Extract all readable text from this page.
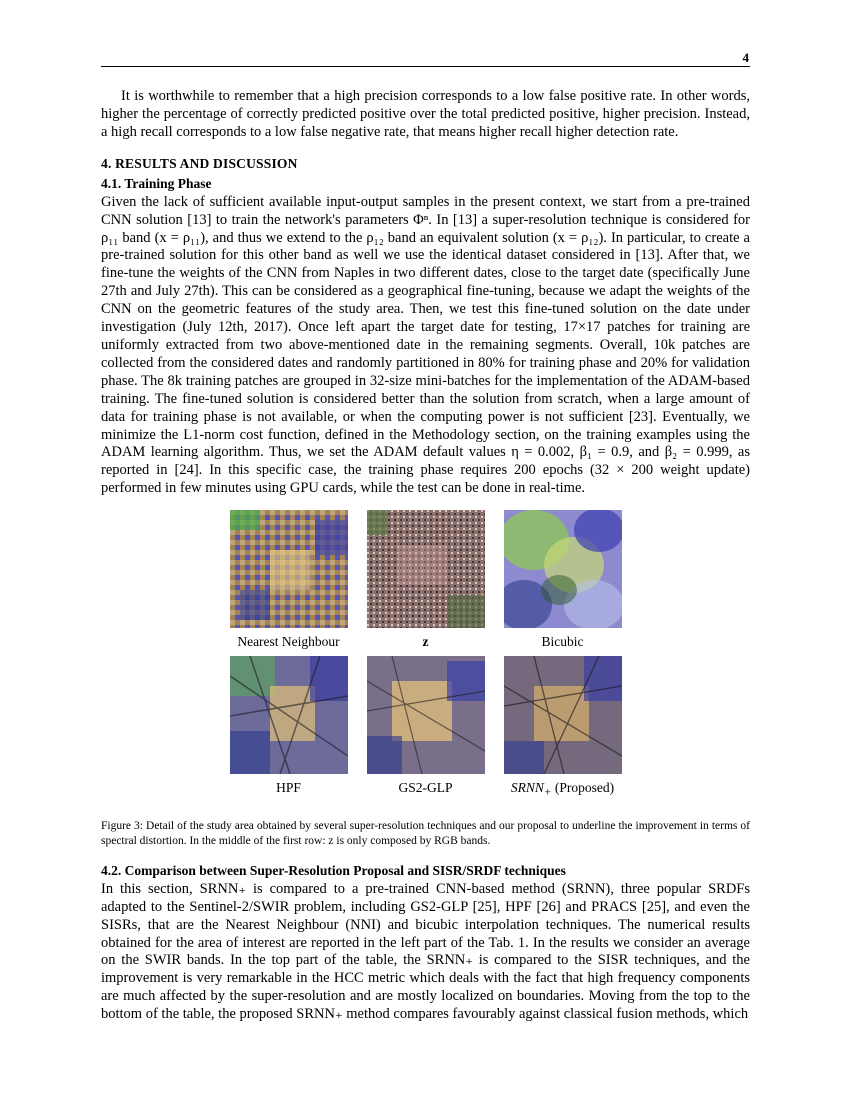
4

It is worthwhile to remember that a high precision corresponds to a low false positive rate. In other words, higher the percentage of correctly predicted positive over the total predicted positive, higher precision. Instead, a high recall corresponds to a low false negative rate, that means higher recall higher detection rate.

4. RESULTS AND DISCUSSION
4.1. Training Phase

Given the lack of sufficient available input-output samples in the present context, we start from a pre-trained CNN solution [13] to train the network's parameters Φⁿ. In [13] a super-resolution technique is considered for ρ₁₁ band (x = ρ₁₁), and thus we extend to the ρ₁₂ band an equivalent solution (x = ρ₁₂). In particular, to create a pre-trained solution for this other band as well we use the identical dataset considered in [13]. After that, we fine-tune the weights of the CNN from Naples in two different dates, close to the target date (specifically June 27th and July 27th). This can be considered as a geographical fine-tuning, because we adapt the weights of the CNN on the geometric features of the study area. Then, we test this fine-tuned solution on the date under investigation (July 12th, 2017). Once left apart the target date for testing, 17×17 patches for training are uniformly extracted from two above-mentioned date in the remaining segments. Overall, 10k patches are collected from the considered dates and randomly partitioned in 80% for training phase and 20% for validation phase. The 8k training patches are grouped in 32-size mini-batches for the implementation of the ADAM-based training. The fine-tuned solution is considered better than the solution from scratch, when a large amount of data for training phase is not available, or when the computing power is not sufficient [23]. Eventually, we minimize the L1-norm cost function, defined in the Methodology section, on the training examples using the ADAM learning algorithm. Thus, we set the ADAM default values η = 0.002, β₁ = 0.9, and β₂ = 0.999, as reported in [24]. In this specific case, the training phase requires 200 epochs (32 × 200 weight update) performed in few minutes using GPU cards, while the test can be done in real-time.

Nearest Neighbour	z	Bicubic
HPF	GS2-GLP	$SRNN_+$ (Proposed)

Figure 3: Detail of the study area obtained by several super-resolution techniques and our proposal to underline the improvement in terms of spectral distortion. In the middle of the first row: z is only composed by RGB bands.

4.2. Comparison between Super-Resolution Proposal and SISR/SRDF techniques

In this section, SRNN₊ is compared to a pre-trained CNN-based method (SRNN), three popular SRDFs adapted to the Sentinel-2/SWIR problem, including GS2-GLP [25], HPF [26] and PRACS [25], and even the SISRs, that are the Nearest Neighbour (NNI) and bicubic interpolation techniques. The numerical results obtained for the area of interest are reported in the left part of the Tab. 1. In the results we consider an average on the SWIR bands. In the top part of the table, the SRNN₊ is compared to the SISR techniques, and the improvement is very remarkable in the HCC metric which deals with the fact that high frequency components are much affected by the super-resolution and are mostly localized on boundaries. Moving from the top to the bottom of the table, the proposed SRNN₊ method compares favourably against classical fusion methods, which
